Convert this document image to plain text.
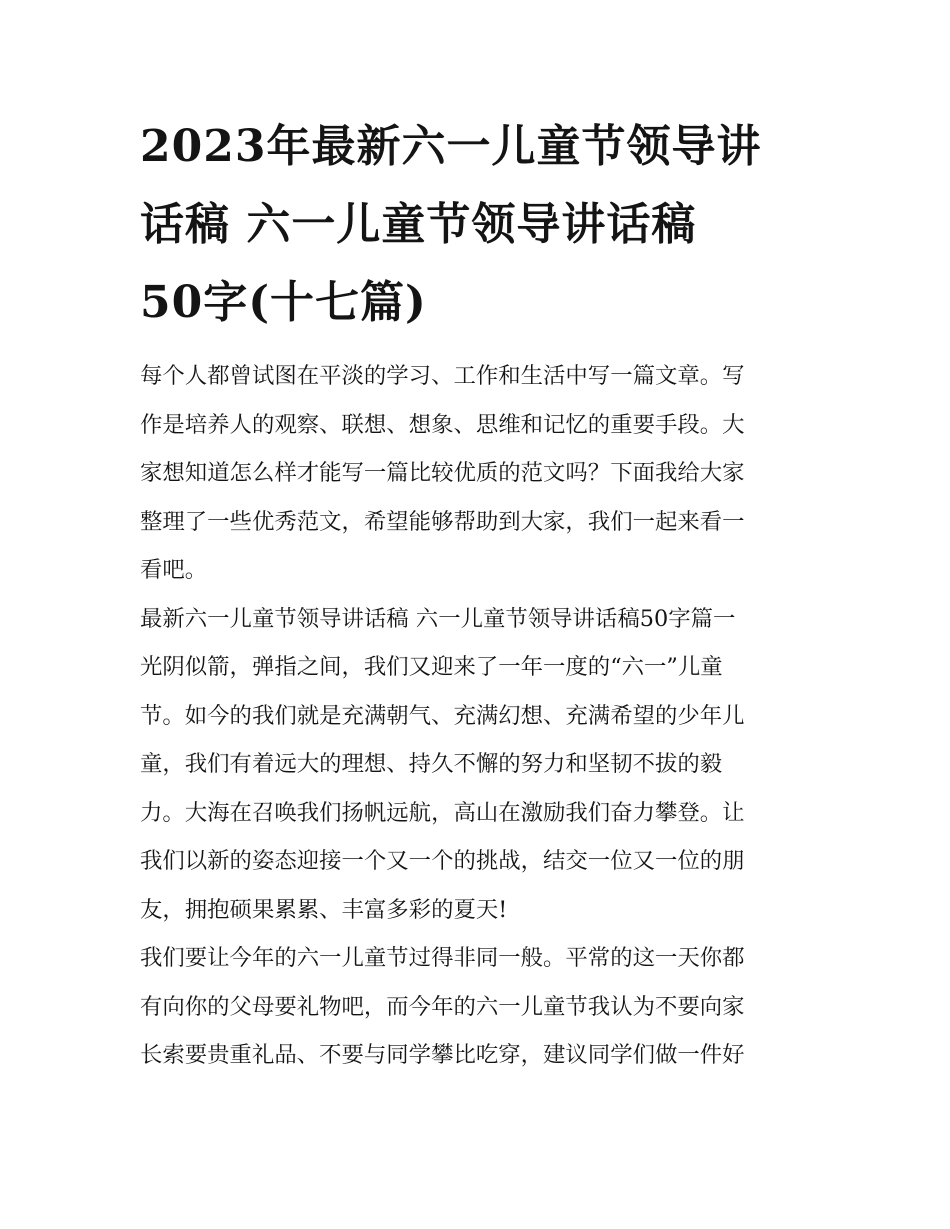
2023年最新六一儿童节领导讲
话稿 六一儿童节领导讲话稿
50字(十七篇)
每个人都曾试图在平淡的学习、工作和生活中写一篇文章。写
作是培养人的观察、联想、想象、思维和记忆的重要手段。大
家想知道怎么样才能写一篇比较优质的范文吗？下面我给大家
整理了一些优秀范文，希望能够帮助到大家，我们一起来看一
看吧。
最新六一儿童节领导讲话稿 六一儿童节领导讲话稿50字篇一
光阴似箭，弹指之间，我们又迎来了一年一度的“六一”儿童
节。如今的我们就是充满朝气、充满幻想、充满希望的少年儿
童，我们有着远大的理想、持久不懈的努力和坚韧不拔的毅
力。大海在召唤我们扬帆远航，高山在激励我们奋力攀登。让
我们以新的姿态迎接一个又一个的挑战，结交一位又一位的朋
友，拥抱硕果累累、丰富多彩的夏天!
我们要让今年的六一儿童节过得非同一般。平常的这一天你都
有向你的父母要礼物吧，而今年的六一儿童节我认为不要向家
长索要贵重礼品、不要与同学攀比吃穿，建议同学们做一件好
